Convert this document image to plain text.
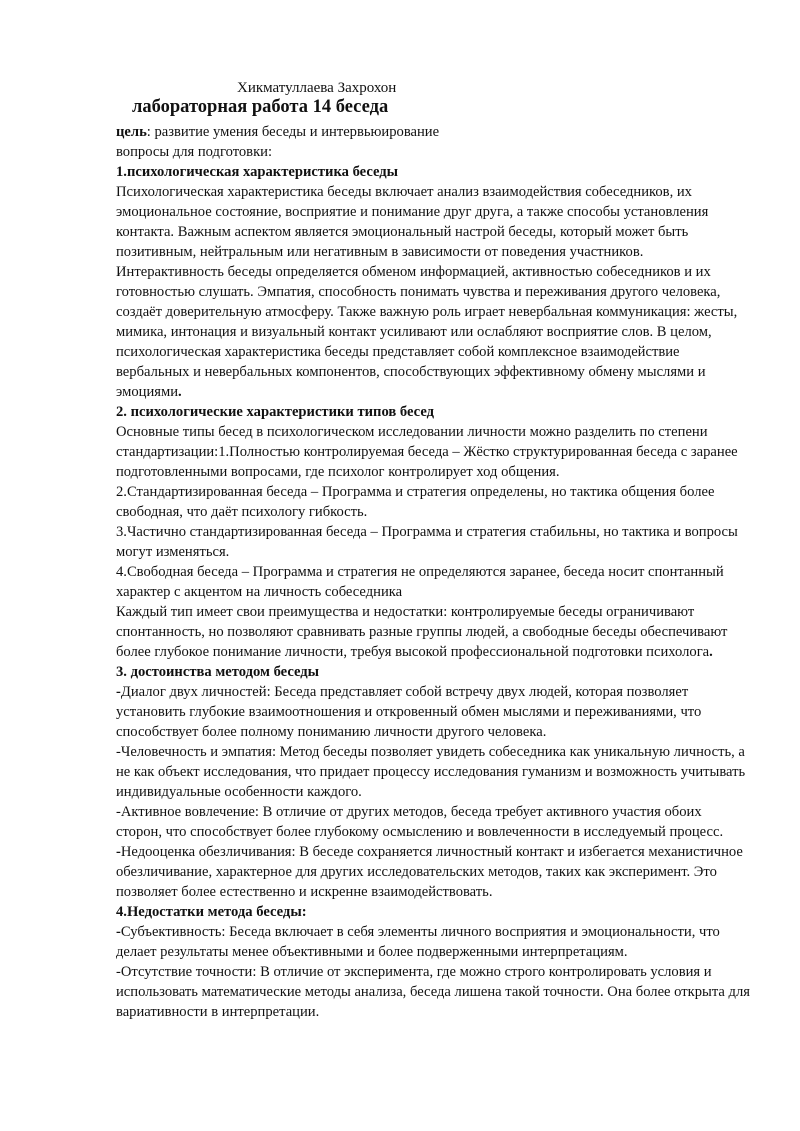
Хикматуллаева Захрохон
лабораторная работа 14 беседа

цель: развитие умения беседы и интервьюирование

вопросы для подготовки:

1.психологическая характеристика беседы

Психологическая характеристика беседы включает анализ взаимодействия собеседников, их эмоциональное состояние, восприятие и понимание друг друга, а также способы установления контакта. Важным аспектом является эмоциональный настрой беседы, который может быть позитивным, нейтральным или негативным в зависимости от поведения участников. Интерактивность беседы определяется обменом информацией, активностью собеседников и их готовностью слушать. Эмпатия, способность понимать чувства и переживания другого человека, создаёт доверительную атмосферу. Также важную роль играет невербальная коммуникация: жесты, мимика, интонация и визуальный контакт усиливают или ослабляют восприятие слов. В целом, психологическая характеристика беседы представляет собой комплексное взаимодействие вербальных и невербальных компонентов, способствующих эффективному обмену мыслями и эмоциями.

2. психологические характеристики типов бесед

Основные типы бесед в психологическом исследовании личности можно разделить по степени стандартизации:1.Полностью контролируемая беседа – Жёстко структурированная беседа с заранее подготовленными вопросами, где психолог контролирует ход общения.

2.Стандартизированная беседа – Программа и стратегия определены, но тактика общения более свободная, что даёт психологу гибкость.

3.Частично стандартизированная беседа – Программа и стратегия стабильны, но тактика и вопросы могут изменяться.

4.Свободная беседа – Программа и стратегия не определяются заранее, беседа носит спонтанный характер с акцентом на личность собеседника

Каждый тип имеет свои преимущества и недостатки: контролируемые беседы ограничивают спонтанность, но позволяют сравнивать разные группы людей, а свободные беседы обеспечивают более глубокое понимание личности, требуя высокой профессиональной подготовки психолога.

3. достоинства методом беседы

-Диалог двух личностей: Беседа представляет собой встречу двух людей, которая позволяет установить глубокие взаимоотношения и откровенный обмен мыслями и переживаниями, что способствует более полному пониманию личности другого человека.

-Человечность и эмпатия: Метод беседы позволяет увидеть собеседника как уникальную личность, а не как объект исследования, что придает процессу исследования гуманизм и возможность учитывать индивидуальные особенности каждого.

-Активное вовлечение: В отличие от других методов, беседа требует активного участия обоих сторон, что способствует более глубокому осмыслению и вовлеченности в исследуемый процесс.

-Недооценка обезличивания: В беседе сохраняется личностный контакт и избегается механистичное обезличивание, характерное для других исследовательских методов, таких как эксперимент. Это позволяет более естественно и искренне взаимодействовать.

4.Недостатки метода беседы:

-Субъективность: Беседа включает в себя элементы личного восприятия и эмоциональности, что делает результаты менее объективными и более подверженными интерпретациям.

-Отсутствие точности: В отличие от эксперимента, где можно строго контролировать условия и использовать математические методы анализа, беседа лишена такой точности. Она более открыта для вариативности в интерпретации.
